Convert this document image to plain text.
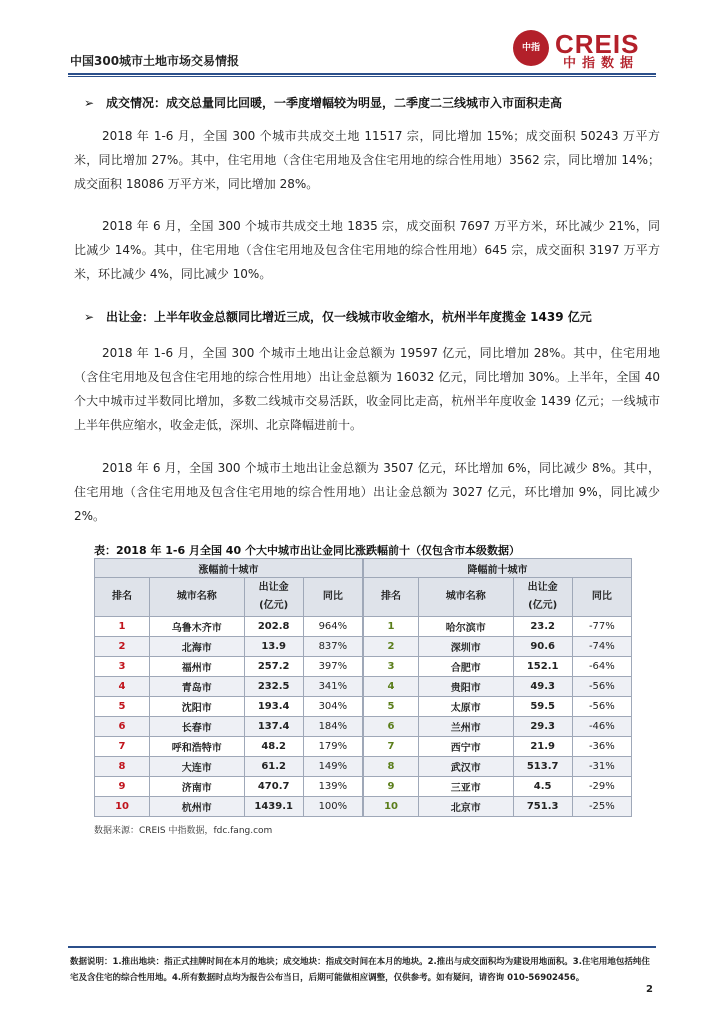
中国300城市土地市场交易情报
中指 CREIS
中指数据
➢ 成交情况：成交总量同比回暖，一季度增幅较为明显，二季度二三线城市入市面积走高
2018 年 1-6 月，全国 300 个城市共成交土地 11517 宗，同比增加 15%；成交面积 50243 万平方米，同比增加 27%。其中，住宅用地（含住宅用地及含住宅用地的综合性用地）3562 宗，同比增加 14%；成交面积 18086 万平方米，同比增加 28%。
2018 年 6 月，全国 300 个城市共成交土地 1835 宗，成交面积 7697 万平方米，环比减少 21%，同比减少 14%。其中，住宅用地（含住宅用地及包含住宅用地的综合性用地）645 宗，成交面积 3197 万平方米，环比减少 4%，同比减少 10%。
➢ 出让金：上半年收金总额同比增近三成，仅一线城市收金缩水，杭州半年度揽金 1439 亿元
2018 年 1-6 月，全国 300 个城市土地出让金总额为 19597 亿元，同比增加 28%。其中，住宅用地（含住宅用地及包含住宅用地的综合性用地）出让金总额为 16032 亿元，同比增加 30%。上半年，全国 40 个大中城市过半数同比增加，多数二线城市交易活跃，收金同比走高，杭州半年度收金 1439 亿元；一线城市上半年供应缩水，收金走低，深圳、北京降幅进前十。
2018 年 6 月，全国 300 个城市土地出让金总额为 3507 亿元，环比增加 6%，同比减少 8%。其中，住宅用地（含住宅用地及包含住宅用地的综合性用地）出让金总额为 3027 亿元，环比增加 9%，同比减少 2%。
表：2018 年 1-6 月全国 40 个大中城市出让金同比涨跌幅前十（仅包含市本级数据）
涨幅前十城市				降幅前十城市			
排名	城市名称	出让金
(亿元)	同比		排名	城市名称	出让金
(亿元)	同比
1	乌鲁木齐市	202.8	964%		1	哈尔滨市	23.2	-77%
2	北海市	13.9	837%		2	深圳市	90.6	-74%
3	福州市	257.2	397%		3	合肥市	152.1	-64%
4	青岛市	232.5	341%		4	贵阳市	49.3	-56%
5	沈阳市	193.4	304%		5	太原市	59.5	-56%
6	长春市	137.4	184%		6	兰州市	29.3	-46%
7	呼和浩特市	48.2	179%		7	西宁市	21.9	-36%
8	大连市	61.2	149%		8	武汉市	513.7	-31%
9	济南市	470.7	139%		9	三亚市	4.5	-29%
10	杭州市	1439.1	100%		10	北京市	751.3	-25%
数据来源：CREIS 中指数据，fdc.fang.com
数据说明：1.推出地块：指正式挂牌时间在本月的地块；成交地块：指成交时间在本月的地块。2.推出与成交面积均为建设用地面积。3.住宅用地包括纯住宅及含住宅的综合性用地。4.所有数据时点均为报告公布当日，后期可能做相应调整，仅供参考。如有疑问，请咨询 010-56902456。
2
